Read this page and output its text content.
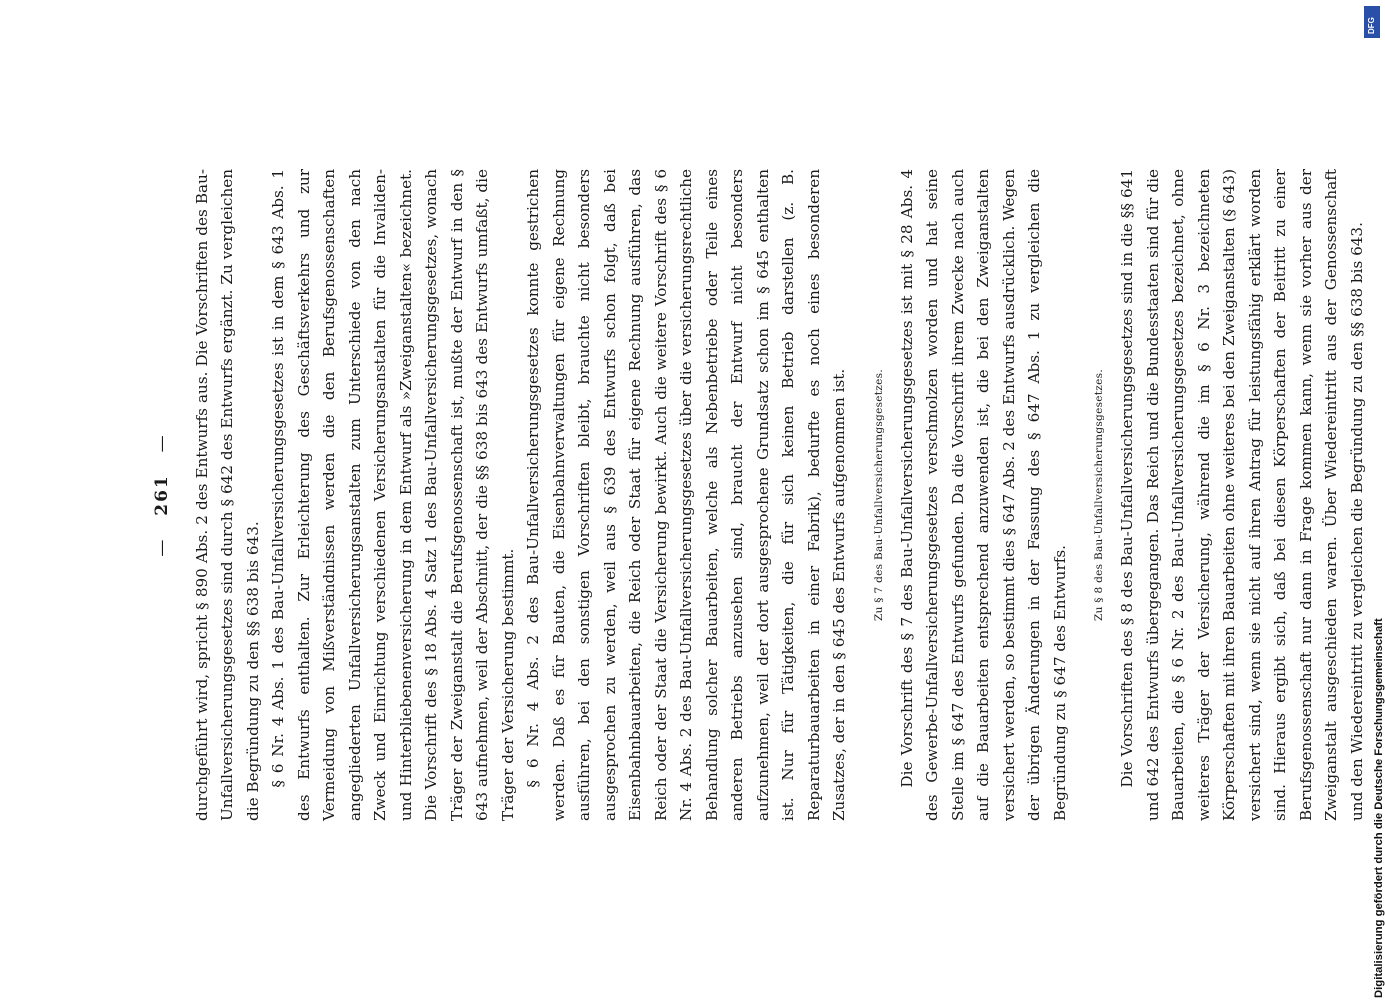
— 261 — durchgeführt wird, spricht § 890 Abs. 2 des Entwurfs aus. Die Vorschriften des Bau-Unfallversicherungsgesetzes sind durch § 642 des Entwurfs ergänzt. Zu vergleichen die Begründung zu den §§ 638 bis 643. § 6 Nr. 4 Abs. 1 des Bau-Unfallversicherungsgesetzes ist in dem § 643 Abs. 1 des Entwurfs enthalten. Zur Erleichterung des Geschäftsverkehrs und zur Vermeidung von Mißverständnissen werden die den Berufsgenossenschaften angegliederten Unfallversicherungsanstalten zum Unterschiede von den nach Zweck und Einrichtung verschiedenen Versicherungsanstalten für die Invaliden- und Hinterbliebenenversicherung in dem Entwurf als »Zweiganstalten« bezeichnet. Die Vorschrift des § 18 Abs. 4 Satz 1 des Bau-Unfallversicherungsgesetzes, wonach Träger der Zweiganstalt die Berufsgenossenschaft ist, mußte der Entwurf in den § 643 aufnehmen, weil der Abschnitt, der die §§ 638 bis 643 des Entwurfs umfaßt, die Träger der Versicherung bestimmt. § 6 Nr. 4 Abs. 2 des Bau-Unfallversicherungsgesetzes konnte gestrichen werden. Daß es für Bauten, die Eisenbahnverwaltungen für eigene Rechnung ausführen, bei den sonstigen Vorschriften bleibt, brauchte nicht besonders ausgesprochen zu werden, weil aus § 639 des Entwurfs schon folgt, daß bei Eisenbahnbauarbeiten, die Reich oder Staat für eigene Rechnung ausführen, das Reich oder der Staat die Versicherung bewirkt. Auch die weitere Vorschrift des § 6 Nr. 4 Abs. 2 des Bau-Unfallversicherungsgesetzes über die versicherungsrechtliche Behandlung solcher Bauarbeiten, welche als Nebenbetriebe oder Teile eines anderen Betriebs anzusehen sind, braucht der Entwurf nicht besonders aufzunehmen, weil der dort ausgesprochene Grundsatz schon im § 645 enthalten ist. Nur für Tätigkeiten, die für sich keinen Betrieb darstellen (z. B. Reparaturbauarbeiten in einer Fabrik), bedurfte es noch eines besonderen Zusatzes, der in den § 645 des Entwurfs aufgenommen ist.	Zu § 7 des Bau-Unfallversicherungsgesetzes. Die Vorschrift des § 7 des Bau-Unfallversicherungsgesetzes ist mit § 28 Abs. 4 des Gewerbe-Unfallversicherungsgesetzes verschmolzen worden und hat seine Stelle im § 647 des Entwurfs gefunden. Da die Vorschrift ihrem Zwecke nach auch auf die Bauarbeiten entsprechend anzuwenden ist, die bei den Zweiganstalten versichert werden, so bestimmt dies § 647 Abs. 2 des Entwurfs ausdrücklich. Wegen der übrigen Änderungen in der Fassung des § 647 Abs. 1 zu vergleichen die Begründung zu § 647 des Entwurfs.

Zu § 8 des Bau-Unfallversicherungsgesetzes. Die Vorschriften des § 8 des Bau-Unfallversicherungsgesetzes sind in die §§ 641 und 642 des Entwurfs übergegangen. Das Reich und die Bundesstaaten sind für die Bauarbeiten, die § 6 Nr. 2 des Bau-Unfallversicherungsgesetzes bezeichnet, ohne weiteres Träger der Versicherung, während die im § 6 Nr. 3 bezeichneten Körperschaften mit ihren Bauarbeiten ohne weiteres bei den Zweiganstalten (§ 643) versichert sind, wenn sie nicht auf ihren Antrag für leistungsfähig erklärt worden sind. Hieraus ergibt sich, daß bei diesen Körperschaften der Beitritt zu einer Berufsgenossenschaft nur dann in Frage kommen kann, wenn sie vorher aus der Zweiganstalt ausgeschieden waren. Über Wiedereintritt aus der Genossenschaft und den Wiedereintritt zu vergleichen die Begründung zu den §§ 638 bis 643. Digitalisierung gefördert durch die Deutsche Forschungsgemeinschaft
DFG
